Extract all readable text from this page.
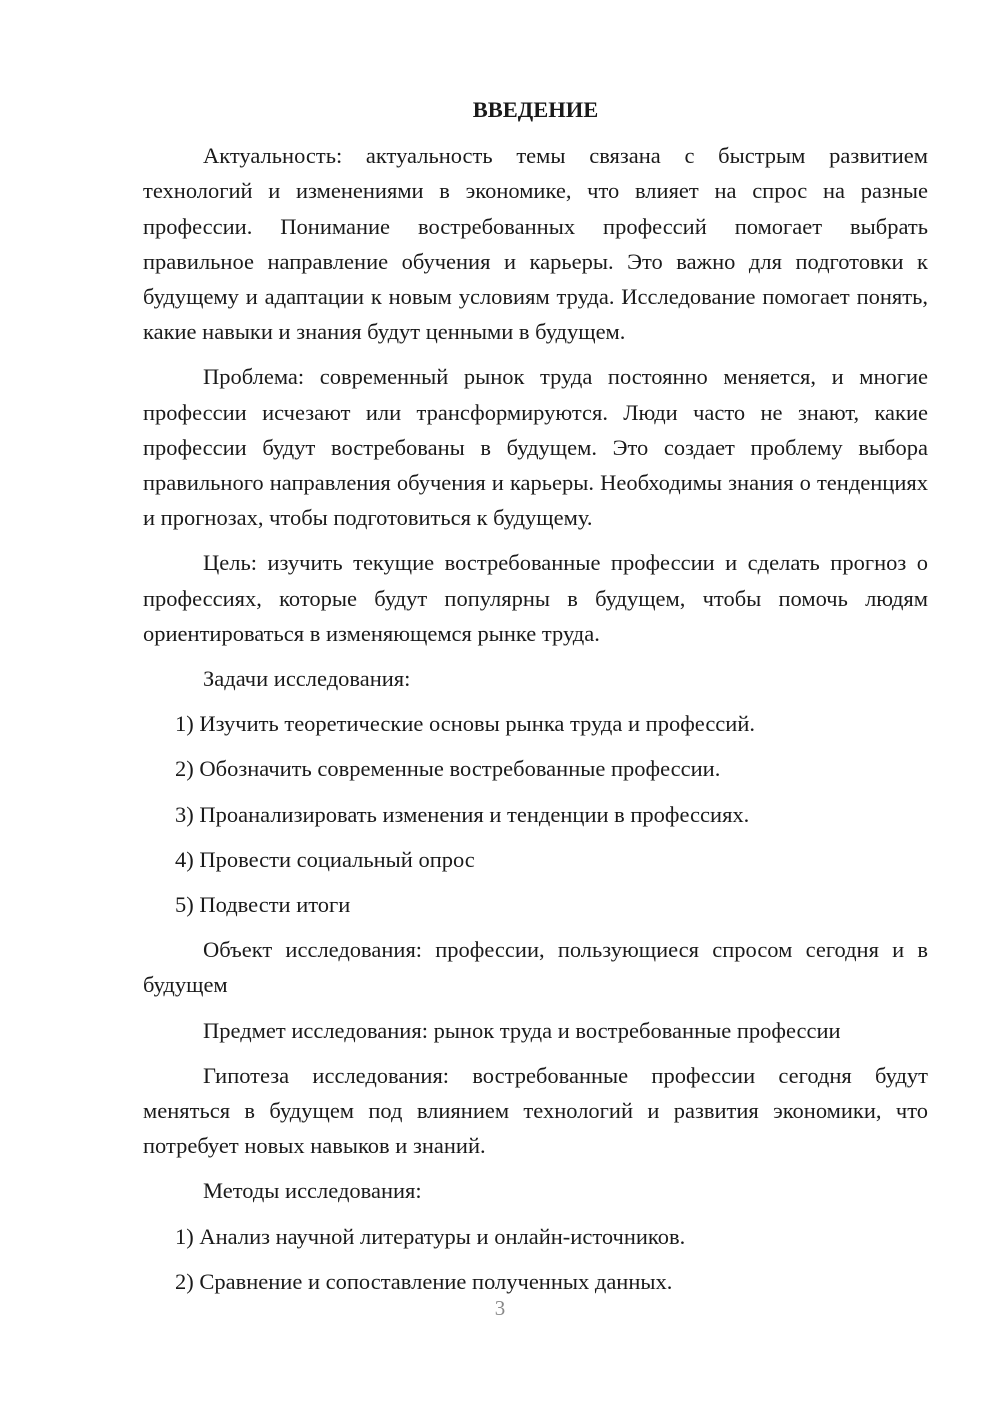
ВВЕДЕНИЕ

Актуальность: актуальность темы связана с быстрым развитием технологий и изменениями в экономике, что влияет на спрос на разные профессии. Понимание востребованных профессий помогает выбрать правильное направление обучения и карьеры. Это важно для подготовки к будущему и адаптации к новым условиям труда. Исследование помогает понять, какие навыки и знания будут ценными в будущем.

Проблема: современный рынок труда постоянно меняется, и многие профессии исчезают или трансформируются. Люди часто не знают, какие профессии будут востребованы в будущем. Это создает проблему выбора правильного направления обучения и карьеры. Необходимы знания о тенденциях и прогнозах, чтобы подготовиться к будущему.

Цель: изучить текущие востребованные профессии и сделать прогноз о профессиях, которые будут популярны в будущем, чтобы помочь людям ориентироваться в изменяющемся рынке труда.

Задачи исследования:

1) Изучить теоретические основы рынка труда и профессий.

2) Обозначить современные востребованные профессии.

3) Проанализировать изменения и тенденции в профессиях.

4) Провести социальный опрос

5) Подвести итоги

Объект исследования: профессии, пользующиеся спросом сегодня и в будущем

Предмет исследования: рынок труда и востребованные профессии

Гипотеза исследования: востребованные профессии сегодня будут меняться в будущем под влиянием технологий и развития экономики, что потребует новых навыков и знаний.

Методы исследования:

1) Анализ научной литературы и онлайн-источников.

2) Сравнение и сопоставление полученных данных.

3
